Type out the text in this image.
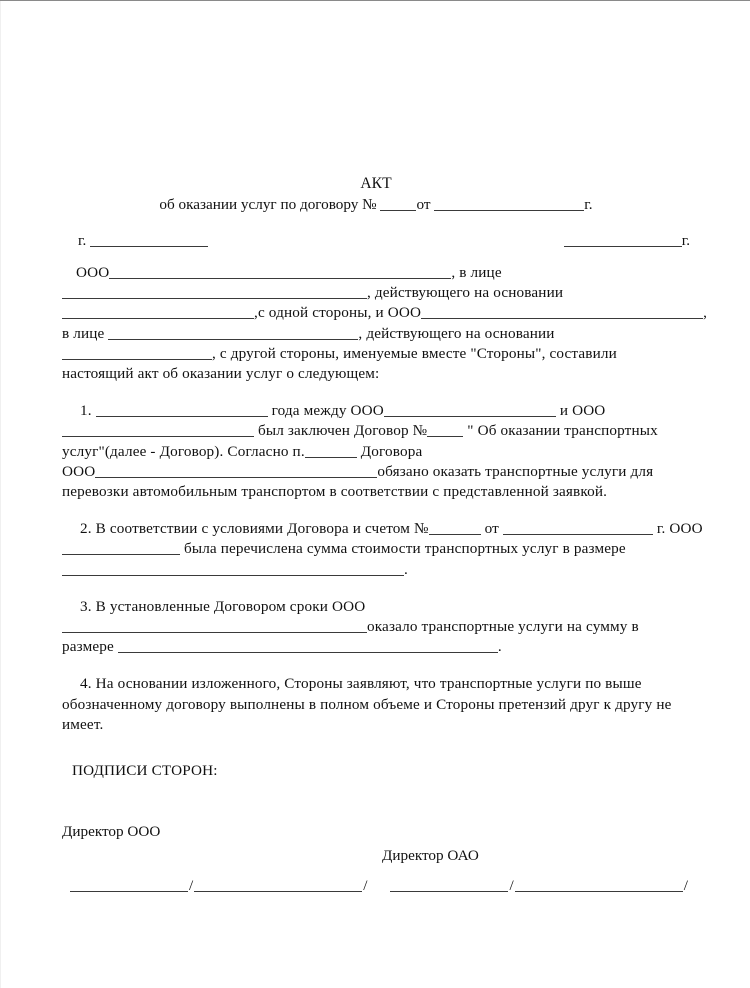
АКТ
об оказании услуг по договору №	от	г.
г.	г.
ООО	, в лице
, действующего на основании
,с одной стороны, и ООО	,
в лице	, действующего на основании
, с другой стороны, именуемые вместе "Стороны", составили
настоящий акт об оказании услуг о следующем:
1.	года между ООО	и ООО
был заключен Договор №	" Об оказании транспортных
услуг"(далее - Договор). Согласно п.	Договора
ООО	обязано оказать транспортные услуги для
перевозки автомобильным транспортом в соответствии с представленной заявкой.
2. В соответствии с условиями Договора и счетом №	от	г. ООО
была перечислена сумма стоимости транспортных услуг в размере
.
3. В установленные Договором сроки ООО
оказало транспортные услуги на сумму в
размере	.
4. На основании изложенного, Стороны заявляют, что транспортные услуги по выше
обозначенному договору выполнены в полном объеме и Стороны претензий друг к другу не
имеет.
ПОДПИСИ СТОРОН:
Директор ООО
Директор ОАО
/	/	/	/
